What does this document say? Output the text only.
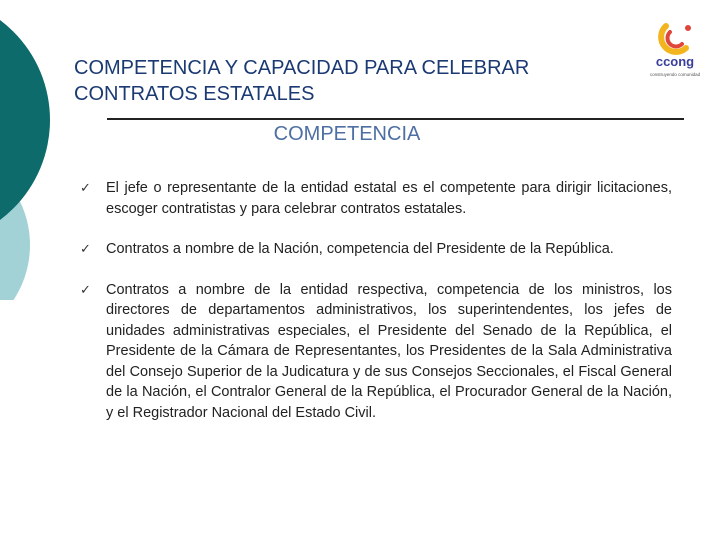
ccong
construyendo comunidad
COMPETENCIA Y CAPACIDAD PARA CELEBRAR
CONTRATOS ESTATALES
COMPETENCIA
✓	El jefe o representante de la entidad estatal es el competente para dirigir licitaciones, escoger contratistas y para celebrar contratos estatales.
✓	Contratos a nombre de la Nación, competencia del Presidente de la República.
✓	Contratos a nombre de la entidad respectiva, competencia de los ministros, los directores de departamentos administrativos, los superintendentes, los jefes de unidades administrativas especiales, el Presidente del Senado de la República, el Presidente de la Cámara de Representantes, los Presidentes de la Sala Administrativa del Consejo Superior de la Judicatura y de sus Consejos Seccionales, el Fiscal General de la Nación, el Contralor General de la República, el Procurador General de la Nación, y el Registrador Nacional del Estado Civil.
